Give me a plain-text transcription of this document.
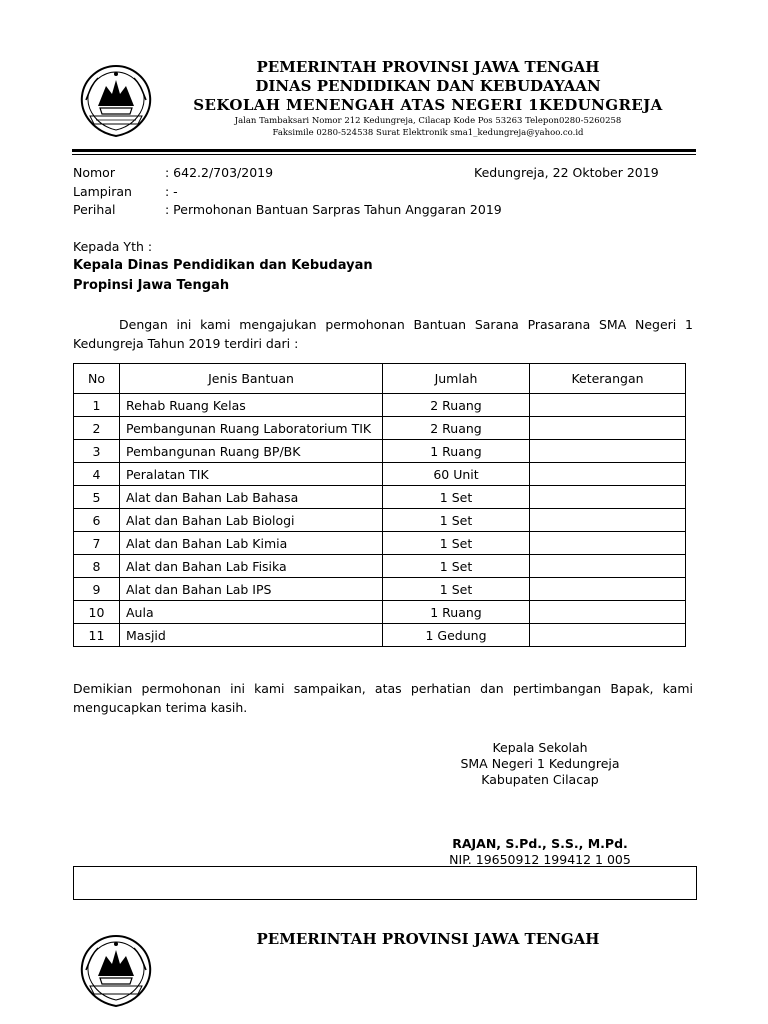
PEMERINTAH PROVINSI JAWA TENGAH
DINAS PENDIDIKAN DAN KEBUDAYAAN
SEKOLAH MENENGAH ATAS NEGERI 1KEDUNGREJA
Jalan Tambaksari Nomor 212 Kedungreja, Cilacap Kode Pos 53263 Telepon0280-5260258
Faksimile 0280-524538 Surat Elektronik sma1_kedungreja@yahoo.co.id
Nomor	: 642.2/703/2019	Kedungreja, 22 Oktober 2019
Lampiran	: -
Perihal	: Permohonan Bantuan Sarpras Tahun Anggaran 2019
Kepada Yth :
Kepala Dinas Pendidikan dan Kebudayan
Propinsi Jawa Tengah
Dengan ini kami mengajukan permohonan Bantuan Sarana Prasarana SMA Negeri 1 Kedungreja Tahun 2019 terdiri dari :
No	Jenis Bantuan	Jumlah	Keterangan
1	Rehab Ruang Kelas	2 Ruang	
2	Pembangunan Ruang Laboratorium TIK	2 Ruang	
3	Pembangunan Ruang BP/BK	1 Ruang	
4	Peralatan TIK	60 Unit	
5	Alat dan Bahan Lab Bahasa	1 Set	
6	Alat dan Bahan Lab Biologi	1 Set	
7	Alat dan Bahan Lab Kimia	1 Set	
8	Alat dan Bahan Lab Fisika	1 Set	
9	Alat dan Bahan Lab IPS	1 Set	
10	Aula	1 Ruang	
11	Masjid	1 Gedung	
Demikian permohonan ini kami sampaikan, atas perhatian dan pertimbangan Bapak, kami mengucapkan terima kasih.
Kepala Sekolah
SMA Negeri 1 Kedungreja
Kabupaten Cilacap
RAJAN, S.Pd., S.S., M.Pd.
NIP. 19650912 199412 1 005
PEMERINTAH PROVINSI JAWA TENGAH
